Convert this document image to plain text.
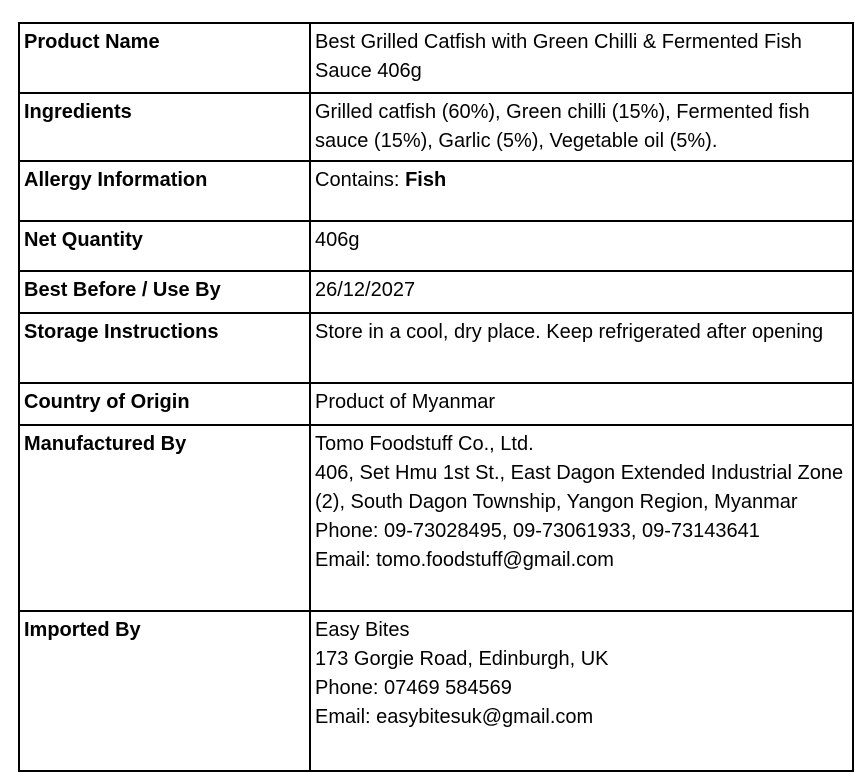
Product Name	Best Grilled Catfish with Green Chilli & Fermented Fish Sauce 406g
Ingredients	Grilled catfish (60%), Green chilli (15%), Fermented fish sauce (15%), Garlic (5%), Vegetable oil (5%).
Allergy Information	Contains: Fish
Net Quantity	406g
Best Before / Use By	26/12/2027
Storage Instructions	Store in a cool, dry place. Keep refrigerated after opening
Country of Origin	Product of Myanmar
Manufactured By	Tomo Foodstuff Co., Ltd.
406, Set Hmu 1st St., East Dagon Extended Industrial Zone (2), South Dagon Township, Yangon Region, Myanmar
Phone: 09-73028495, 09-73061933, 09-73143641
Email: tomo.foodstuff@gmail.com

Imported By	Easy Bites
173 Gorgie Road, Edinburgh, UK
Phone: 07469 584569
Email: easybitesuk@gmail.com
